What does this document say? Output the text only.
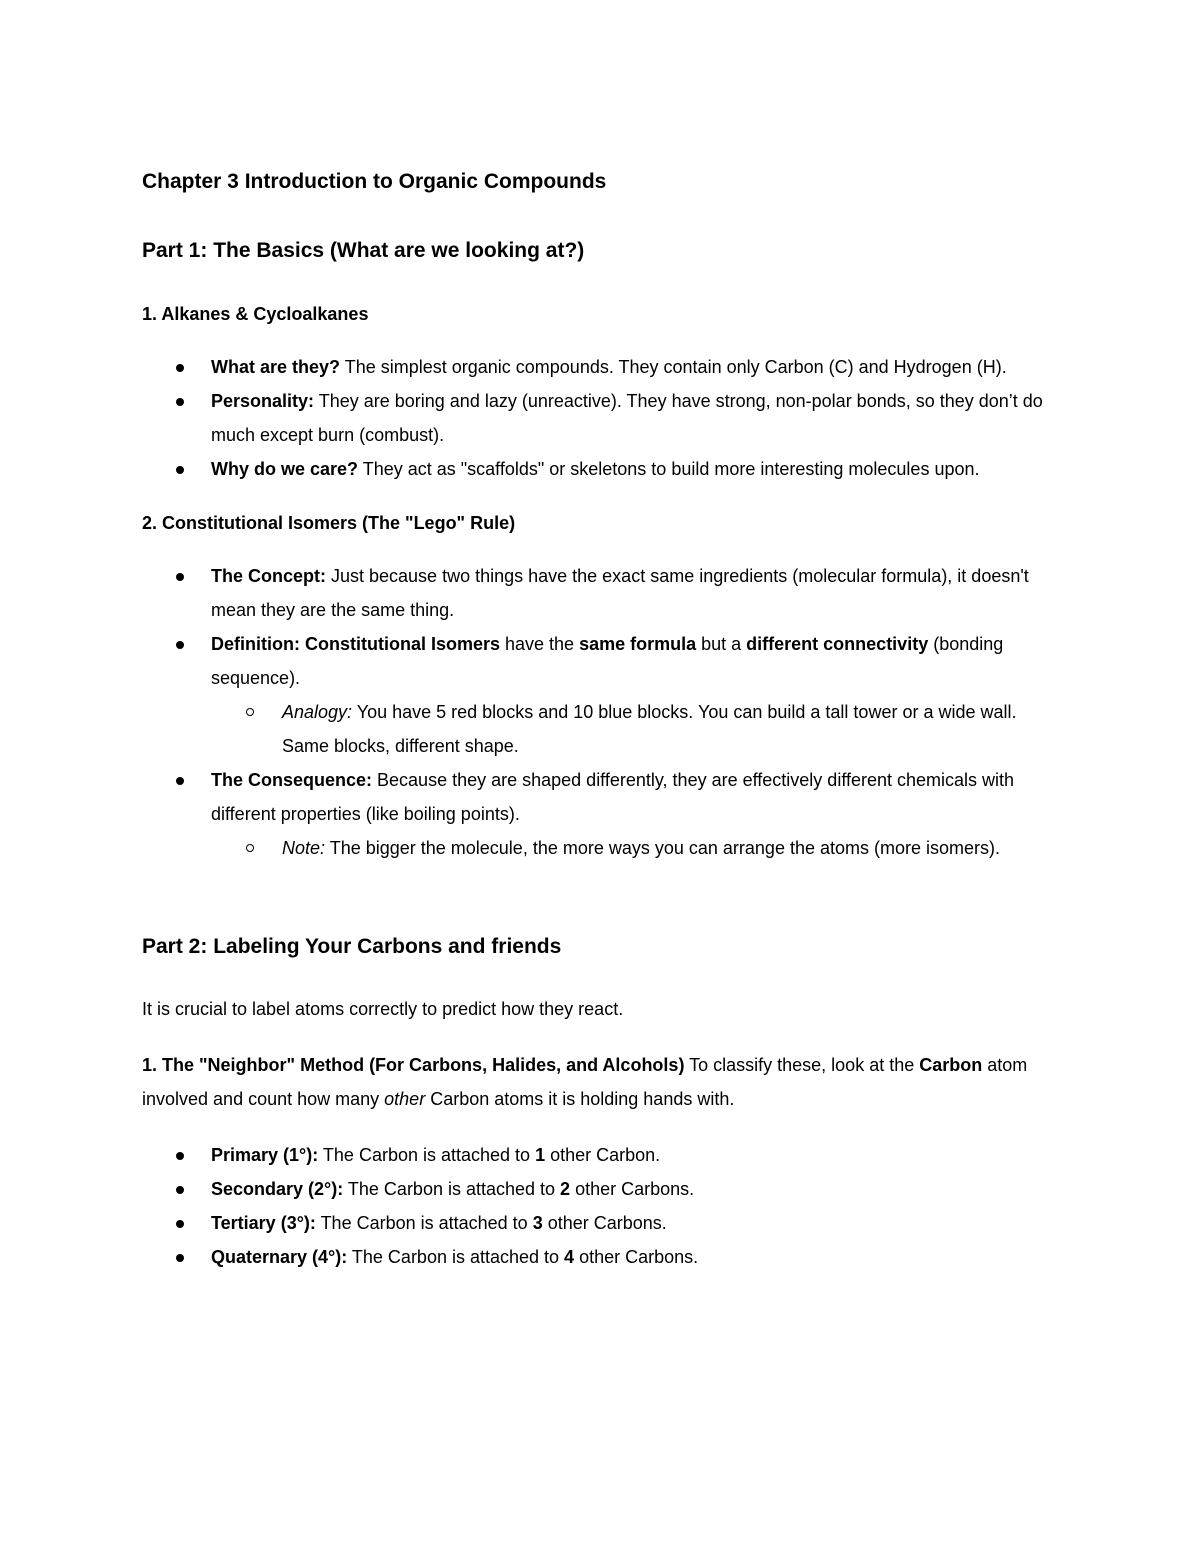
Chapter 3 Introduction to Organic Compounds
Part 1: The Basics (What are we looking at?)
1. Alkanes & Cycloalkanes
What are they? The simplest organic compounds. They contain only Carbon (C) and Hydrogen (H).
Personality: They are boring and lazy (unreactive). They have strong, non-polar bonds, so they don’t do much except burn (combust).
Why do we care? They act as "scaffolds" or skeletons to build more interesting molecules upon.
2. Constitutional Isomers (The "Lego" Rule)
The Concept: Just because two things have the exact same ingredients (molecular formula), it doesn't mean they are the same thing.
Definition: Constitutional Isomers have the same formula but a different connectivity (bonding sequence).
Analogy: You have 5 red blocks and 10 blue blocks. You can build a tall tower or a wide wall. Same blocks, different shape.
The Consequence: Because they are shaped differently, they are effectively different chemicals with different properties (like boiling points).
Note: The bigger the molecule, the more ways you can arrange the atoms (more isomers).
Part 2: Labeling Your Carbons and friends

It is crucial to label atoms correctly to predict how they react.

1. The "Neighbor" Method (For Carbons, Halides, and Alcohols) To classify these, look at the Carbon atom involved and count how many other Carbon atoms it is holding hands with.

Primary (1°): The Carbon is attached to 1 other Carbon.
Secondary (2°): The Carbon is attached to 2 other Carbons.
Tertiary (3°): The Carbon is attached to 3 other Carbons.
Quaternary (4°): The Carbon is attached to 4 other Carbons.
